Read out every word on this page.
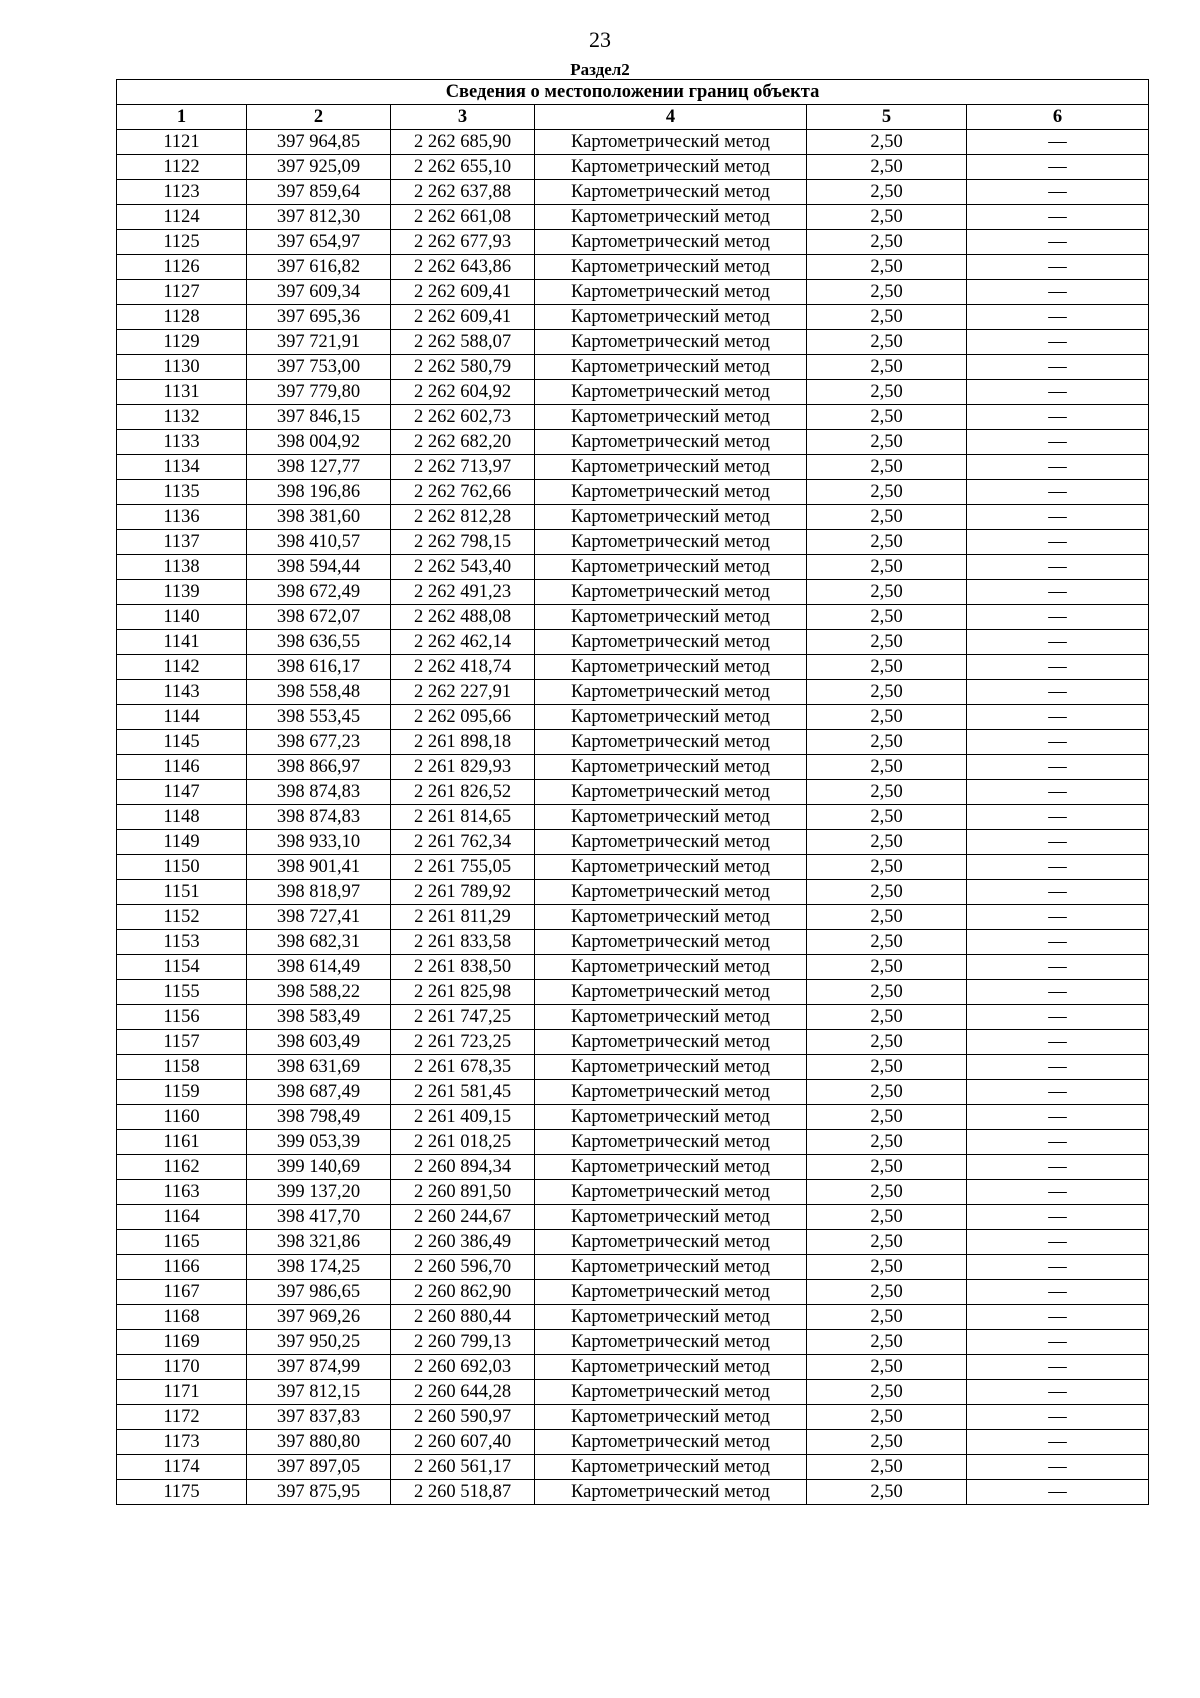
23
Раздел2
Сведения о местоположении границ объекта					
1	2	3	4	5	6
1121	397 964,85	2 262 685,90	Картометрический метод	2,50	—
1122	397 925,09	2 262 655,10	Картометрический метод	2,50	—
1123	397 859,64	2 262 637,88	Картометрический метод	2,50	—
1124	397 812,30	2 262 661,08	Картометрический метод	2,50	—
1125	397 654,97	2 262 677,93	Картометрический метод	2,50	—
1126	397 616,82	2 262 643,86	Картометрический метод	2,50	—
1127	397 609,34	2 262 609,41	Картометрический метод	2,50	—
1128	397 695,36	2 262 609,41	Картометрический метод	2,50	—
1129	397 721,91	2 262 588,07	Картометрический метод	2,50	—
1130	397 753,00	2 262 580,79	Картометрический метод	2,50	—
1131	397 779,80	2 262 604,92	Картометрический метод	2,50	—
1132	397 846,15	2 262 602,73	Картометрический метод	2,50	—
1133	398 004,92	2 262 682,20	Картометрический метод	2,50	—
1134	398 127,77	2 262 713,97	Картометрический метод	2,50	—
1135	398 196,86	2 262 762,66	Картометрический метод	2,50	—
1136	398 381,60	2 262 812,28	Картометрический метод	2,50	—
1137	398 410,57	2 262 798,15	Картометрический метод	2,50	—
1138	398 594,44	2 262 543,40	Картометрический метод	2,50	—
1139	398 672,49	2 262 491,23	Картометрический метод	2,50	—
1140	398 672,07	2 262 488,08	Картометрический метод	2,50	—
1141	398 636,55	2 262 462,14	Картометрический метод	2,50	—
1142	398 616,17	2 262 418,74	Картометрический метод	2,50	—
1143	398 558,48	2 262 227,91	Картометрический метод	2,50	—
1144	398 553,45	2 262 095,66	Картометрический метод	2,50	—
1145	398 677,23	2 261 898,18	Картометрический метод	2,50	—
1146	398 866,97	2 261 829,93	Картометрический метод	2,50	—
1147	398 874,83	2 261 826,52	Картометрический метод	2,50	—
1148	398 874,83	2 261 814,65	Картометрический метод	2,50	—
1149	398 933,10	2 261 762,34	Картометрический метод	2,50	—
1150	398 901,41	2 261 755,05	Картометрический метод	2,50	—
1151	398 818,97	2 261 789,92	Картометрический метод	2,50	—
1152	398 727,41	2 261 811,29	Картометрический метод	2,50	—
1153	398 682,31	2 261 833,58	Картометрический метод	2,50	—
1154	398 614,49	2 261 838,50	Картометрический метод	2,50	—
1155	398 588,22	2 261 825,98	Картометрический метод	2,50	—
1156	398 583,49	2 261 747,25	Картометрический метод	2,50	—
1157	398 603,49	2 261 723,25	Картометрический метод	2,50	—
1158	398 631,69	2 261 678,35	Картометрический метод	2,50	—
1159	398 687,49	2 261 581,45	Картометрический метод	2,50	—
1160	398 798,49	2 261 409,15	Картометрический метод	2,50	—
1161	399 053,39	2 261 018,25	Картометрический метод	2,50	—
1162	399 140,69	2 260 894,34	Картометрический метод	2,50	—
1163	399 137,20	2 260 891,50	Картометрический метод	2,50	—
1164	398 417,70	2 260 244,67	Картометрический метод	2,50	—
1165	398 321,86	2 260 386,49	Картометрический метод	2,50	—
1166	398 174,25	2 260 596,70	Картометрический метод	2,50	—
1167	397 986,65	2 260 862,90	Картометрический метод	2,50	—
1168	397 969,26	2 260 880,44	Картометрический метод	2,50	—
1169	397 950,25	2 260 799,13	Картометрический метод	2,50	—
1170	397 874,99	2 260 692,03	Картометрический метод	2,50	—
1171	397 812,15	2 260 644,28	Картометрический метод	2,50	—
1172	397 837,83	2 260 590,97	Картометрический метод	2,50	—
1173	397 880,80	2 260 607,40	Картометрический метод	2,50	—
1174	397 897,05	2 260 561,17	Картометрический метод	2,50	—
1175	397 875,95	2 260 518,87	Картометрический метод	2,50	—
